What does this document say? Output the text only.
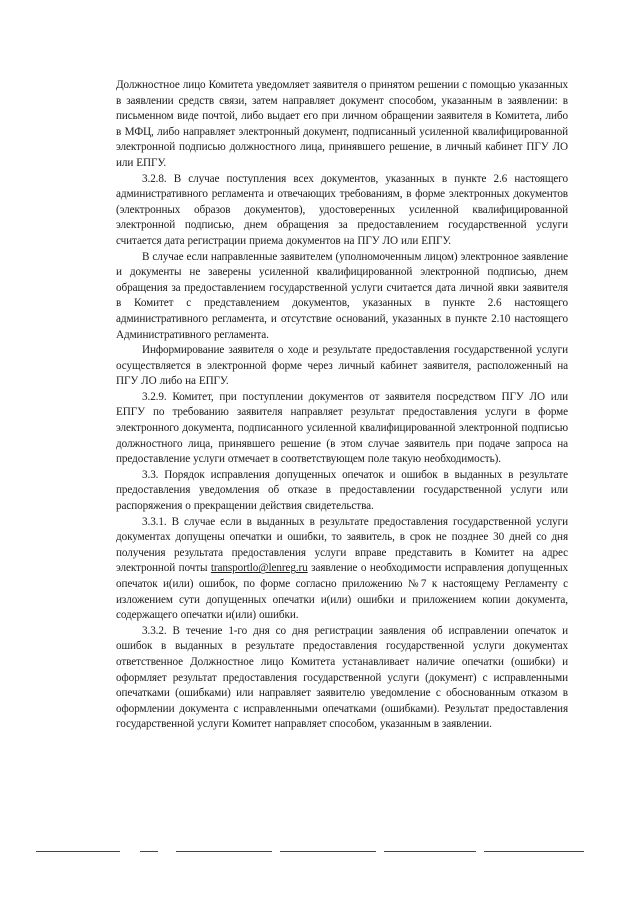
Должностное лицо Комитета уведомляет заявителя о принятом решении с помощью указанных в заявлении средств связи, затем направляет документ способом, указанным в заявлении: в письменном виде почтой, либо выдает его при личном обращении заявителя в Комитета, либо в МФЦ, либо направляет электронный документ, подписанный усиленной квалифицированной электронной подписью должностного лица, принявшего решение, в личный кабинет ПГУ ЛО или ЕПГУ.

3.2.8. В случае поступления всех документов, указанных в пункте 2.6 настоящего административного регламента и отвечающих требованиям, в форме электронных документов (электронных образов документов), удостоверенных усиленной квалифицированной электронной подписью, днем обращения за предоставлением государственной услуги считается дата регистрации приема документов на ПГУ ЛО или ЕПГУ.

В случае если направленные заявителем (уполномоченным лицом) электронное заявление и документы не заверены усиленной квалифицированной электронной подписью, днем обращения за предоставлением государственной услуги считается дата личной явки заявителя в Комитет с представлением документов, указанных в пункте 2.6 настоящего административного регламента, и отсутствие оснований, указанных в пункте 2.10 настоящего Административного регламента.

Информирование заявителя о ходе и результате предоставления государственной услуги осуществляется в электронной форме через личный кабинет заявителя, расположенный на ПГУ ЛО либо на ЕПГУ.

3.2.9. Комитет, при поступлении документов от заявителя посредством ПГУ ЛО или ЕПГУ по требованию заявителя направляет результат предоставления услуги в форме электронного документа, подписанного усиленной квалифицированной электронной подписью должностного лица, принявшего решение (в этом случае заявитель при подаче запроса на предоставление услуги отмечает в соответствующем поле такую необходимость).

3.3. Порядок исправления допущенных опечаток и ошибок в выданных в результате предоставления уведомления об отказе в предоставлении государственной услуги или распоряжения о прекращении действия свидетельства.

3.3.1. В случае если в выданных в результате предоставления государственной услуги документах допущены опечатки и ошибки, то заявитель, в срок не позднее 30 дней со дня получения результата предоставления услуги вправе представить в Комитет на адрес электронной почты transportlo@lenreg.ru заявление о необходимости исправления допущенных опечаток и(или) ошибок, по форме согласно приложению №7 к настоящему Регламенту с изложением сути допущенных опечатки и(или) ошибки и приложением копии документа, содержащего опечатки и(или) ошибки.

3.3.2. В течение 1-го дня со дня регистрации заявления об исправлении опечаток и ошибок в выданных в результате предоставления государственной услуги документах ответственное Должностное лицо Комитета устанавливает наличие опечатки (ошибки) и оформляет результат предоставления государственной услуги (документ) с исправленными опечатками (ошибками) или направляет заявителю уведомление с обоснованным отказом в оформлении документа с исправленными опечатками (ошибками). Результат предоставления государственной услуги Комитет направляет способом, указанным в заявлении.
